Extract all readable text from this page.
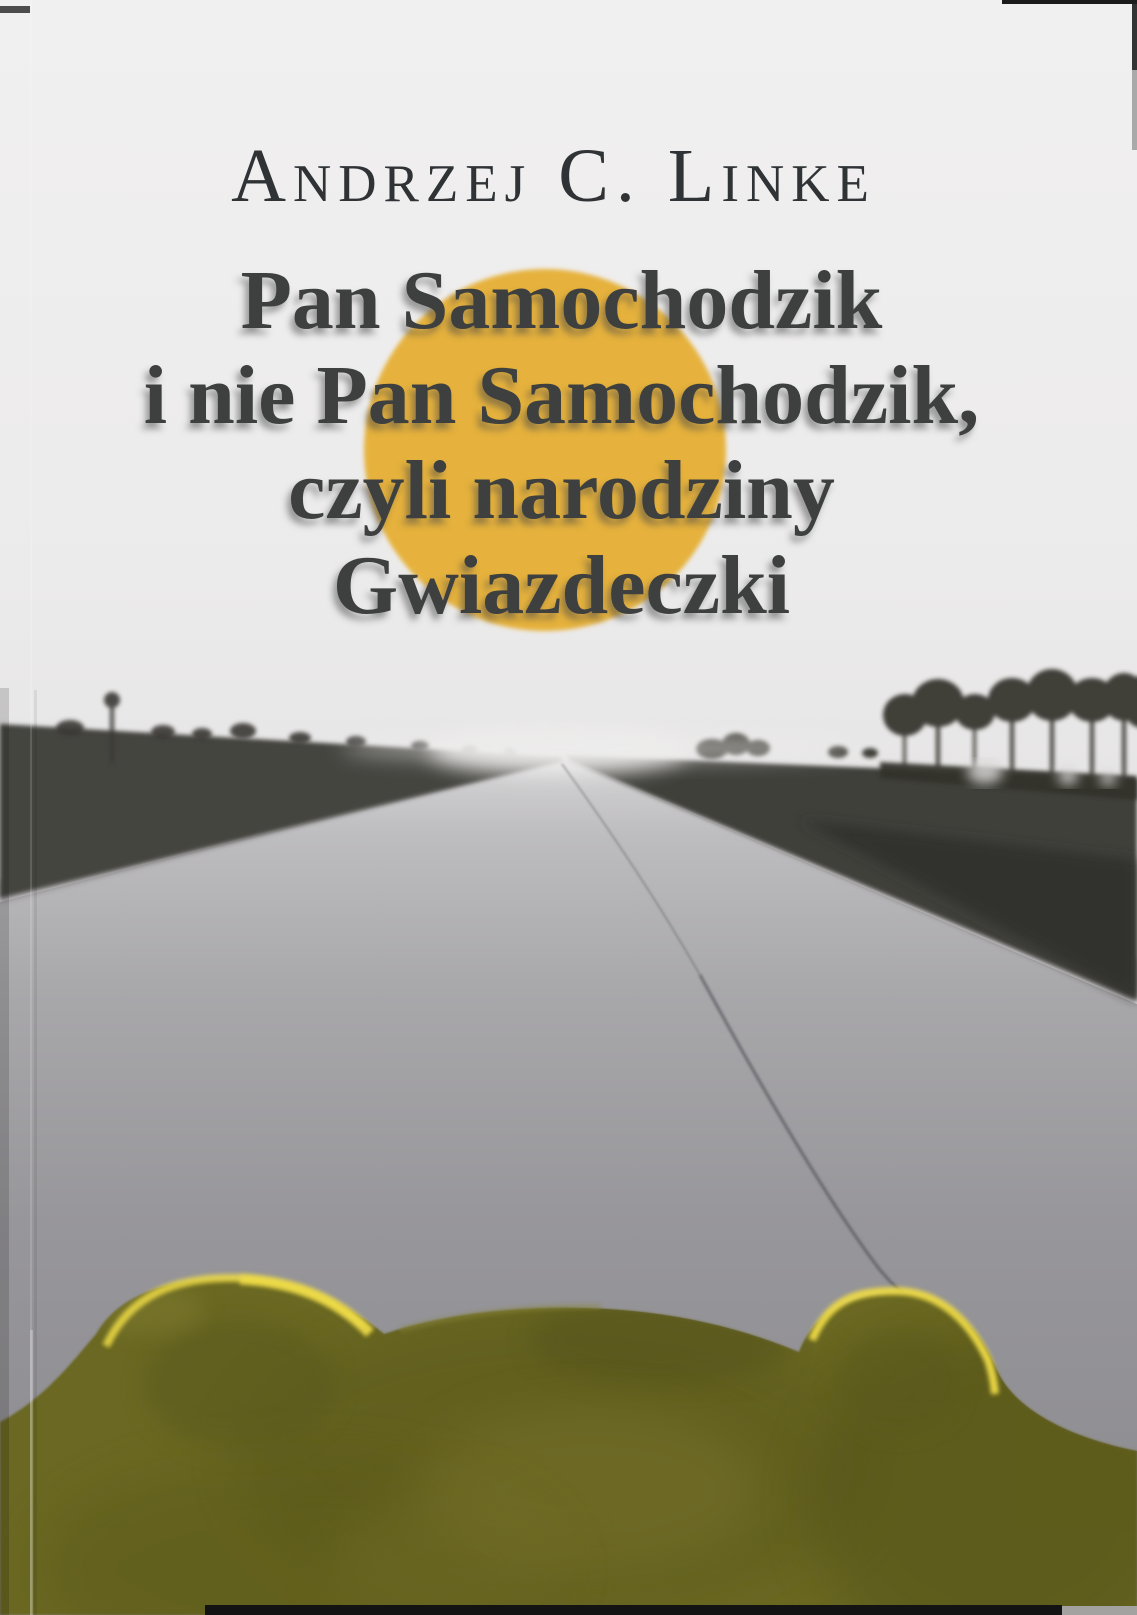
Andrzej C. Linke
Pan Samochodzik
i nie Pan Samochodzik,
czyli narodziny
Gwiazdeczki
